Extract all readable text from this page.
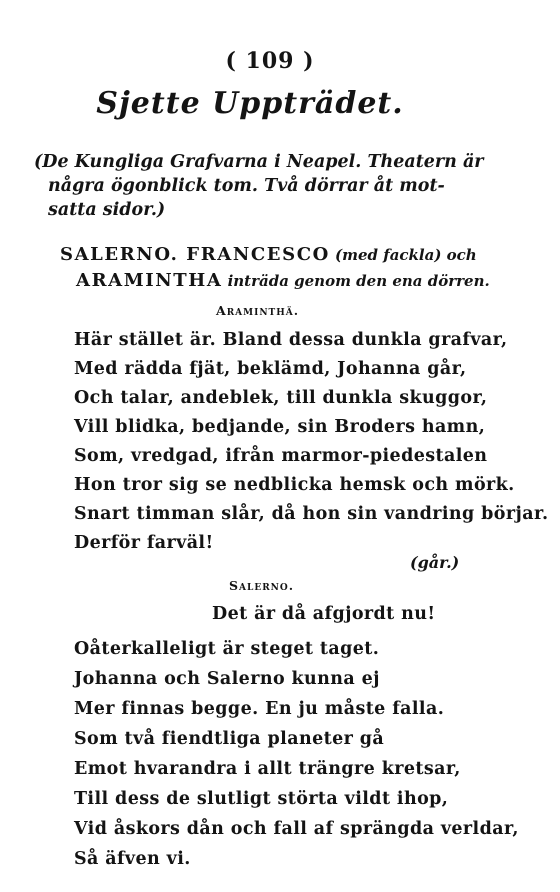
( 109 )
Sjette Uppträdet.
(De Kungliga Grafvarna i Neapel. Theatern är
några ögonblick tom. Två dörrar åt mot-
satta sidor.)
SALERNO. FRANCESCO (med fackla) och
ARAMINTHA inträda genom den ena dörren.
Araminthä.
Här stället är. Bland dessa dunkla grafvar,
Med rädda fjät, beklämd, Johanna går,
Och talar, andeblek, till dunkla skuggor,
Vill blidka, bedjande, sin Broders hamn,
Som, vredgad, ifrån marmor-piedestalen
Hon tror sig se nedblicka hemsk och mörk.
Snart timman slår, då hon sin vandring börjar.
Derför farväl!
(går.)
Salerno.
Det är då afgjordt nu!
Oåterkalleligt är steget taget.
Johanna och Salerno kunna ej
Mer finnas begge. En ju måste falla.
Som två fiendtliga planeter gå
Emot hvarandra i allt trängre kretsar,
Till dess de slutligt störta vildt ihop,
Vid åskors dån och fall af sprängda verldar,
Så äfven vi.
